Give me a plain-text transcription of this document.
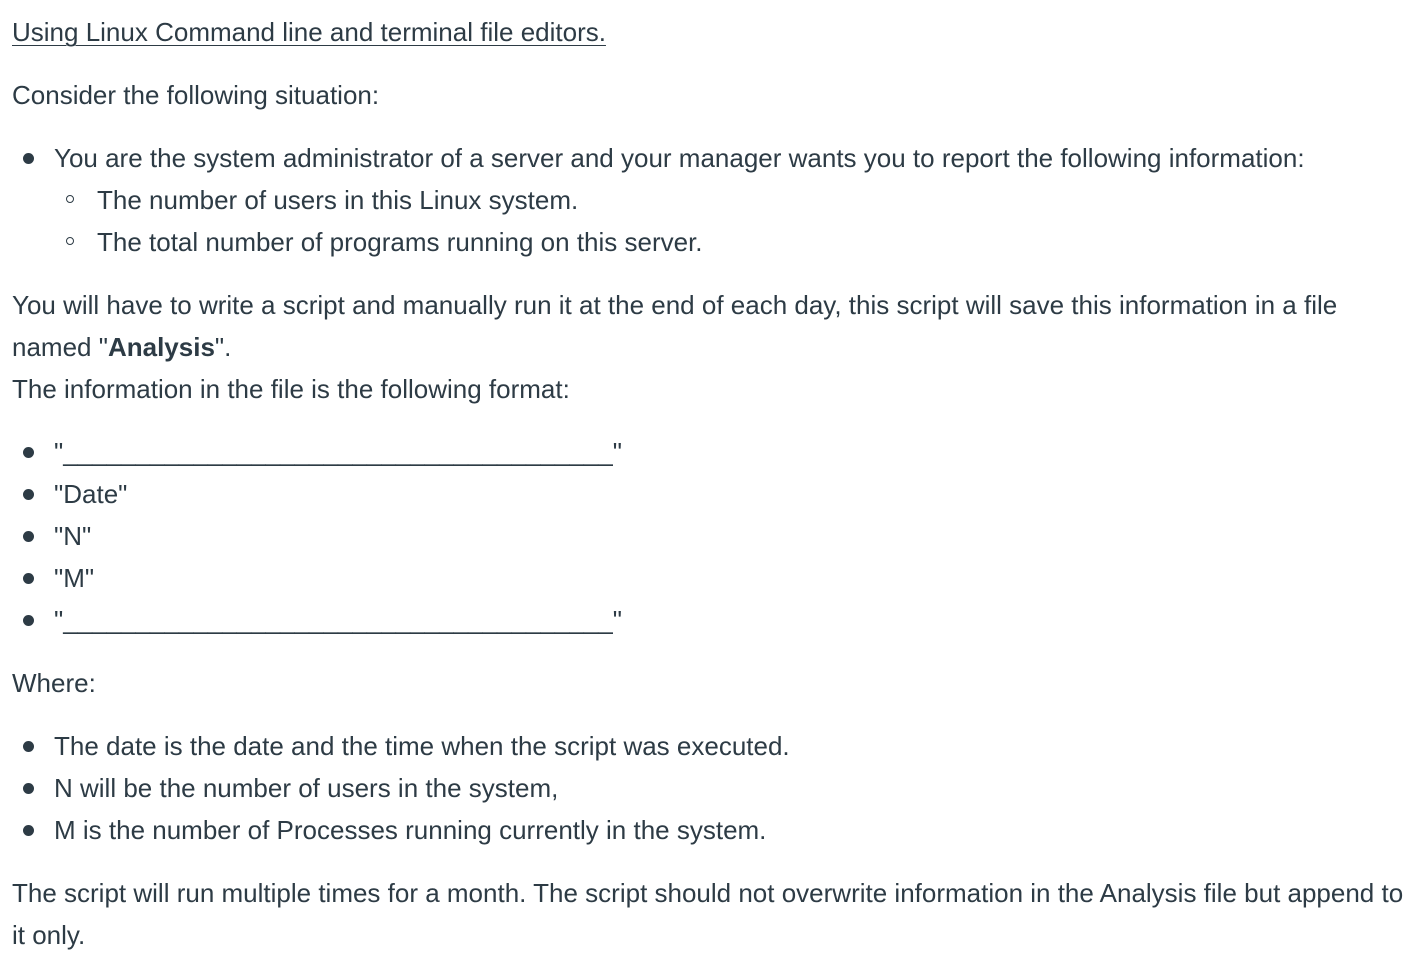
Using Linux Command line and terminal file editors.

Consider the following situation:

You are the system administrator of a server and your manager wants you to report the following information:
The number of users in this Linux system.
The total number of programs running on this server.

You will have to write a script and manually run it at the end of each day, this script will save this information in a file named "Analysis".

The information in the file is the following format:

"______________________________________"
"Date"
"N"
"M"
"______________________________________"

Where:

The date is the date and the time when the script was executed.
N will be the number of users in the system,
M is the number of Processes running currently in the system.

The script will run multiple times for a month. The script should not overwrite information in the Analysis file but append to it only.
